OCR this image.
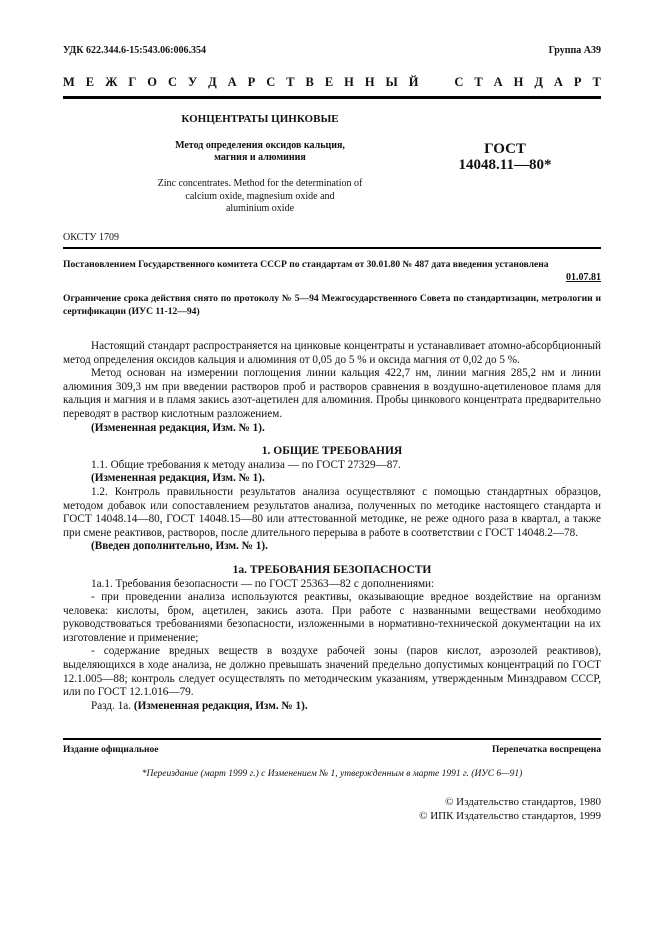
УДК 622.344.6-15:543.06:006.354	Группа А39
М Е Ж Г О С У Д А Р С Т В Е Н Н Ы Й	С Т А Н Д А Р Т
КОНЦЕНТРАТЫ ЦИНКОВЫЕ
Метод определения оксидов кальция,
магния и алюминия
Zinc concentrates. Method for the determination of
calcium oxide, magnesium oxide and
aluminium oxide
ГОСТ
14048.11—80*
ОКСТУ 1709
Постановлением Государственного комитета СССР по стандартам от 30.01.80 № 487 дата введения установлена
01.07.81
Ограничение срока действия снято по протоколу № 5—94 Межгосударственного Совета по стандартизации, метрологии и сертификации (ИУС 11-12—94)

Настоящий стандарт распространяется на цинковые концентраты и устанавливает атомно-абсорбционный метод определения оксидов кальция и алюминия от 0,05 до 5 % и оксида магния от 0,02 до 5 %.

Метод основан на измерении поглощения линии кальция 422,7 нм, линии магния 285,2 нм и линии алюминия 309,3 нм при введении растворов проб и растворов сравнения в воздушно-ацетиленовое пламя для кальция и магния и в пламя закись азот-ацетилен для алюминия. Пробы цинкового концентрата предварительно переводят в раствор кислотным разложением.

(Измененная редакция, Изм. № 1).

1. ОБЩИЕ ТРЕБОВАНИЯ

1.1. Общие требования к методу анализа — по ГОСТ 27329—87.

(Измененная редакция, Изм. № 1).

1.2. Контроль правильности результатов анализа осуществляют с помощью стандартных образцов, методом добавок или сопоставлением результатов анализа, полученных по методике настоящего стандарта и ГОСТ 14048.14—80, ГОСТ 14048.15—80 или аттестованной методике, не реже одного раза в квартал, а также при смене реактивов, растворов, после длительного перерыва в работе в соответствии с ГОСТ 14048.2—78.

(Введен дополнительно, Изм. № 1).

1а. ТРЕБОВАНИЯ БЕЗОПАСНОСТИ

1а.1. Требования безопасности — по ГОСТ 25363—82 с дополнениями:

- при проведении анализа используются реактивы, оказывающие вредное воздействие на организм человека: кислоты, бром, ацетилен, закись азота. При работе с названными веществами необходимо руководствоваться требованиями безопасности, изложенными в нормативно-технической документации на их изготовление и применение;

- содержание вредных веществ в воздухе рабочей зоны (паров кислот, аэрозолей реактивов), выделяющихся в ходе анализа, не должно превышать значений предельно допустимых концентраций по ГОСТ 12.1.005—88; контроль следует осуществлять по методическим указаниям, утвержденным Минздравом СССР, или по ГОСТ 12.1.016—79.

Разд. 1а. (Измененная редакция, Изм. № 1).

Издание официальное	Перепечатка воспрещена
*Переиздание (март 1999 г.) с Изменением № 1, утвержденным в марте 1991 г. (ИУС 6—91)
© Издательство стандартов, 1980
© ИПК Издательство стандартов, 1999
